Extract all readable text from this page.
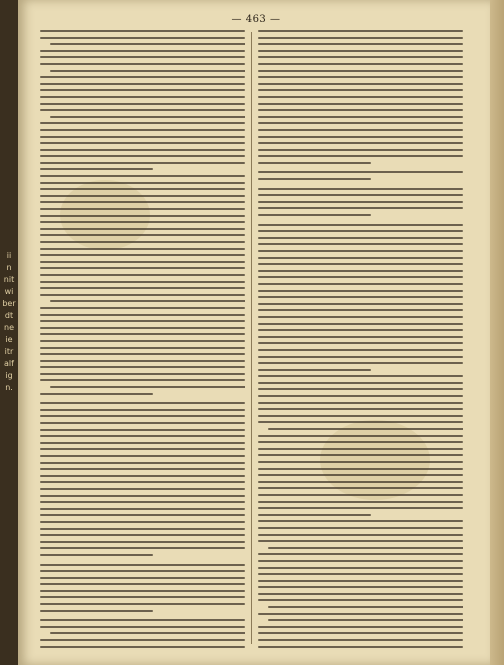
ii
n
nit
wi
ber
dt
ne
ie
itr
alf
ig
n.
— 463 —
